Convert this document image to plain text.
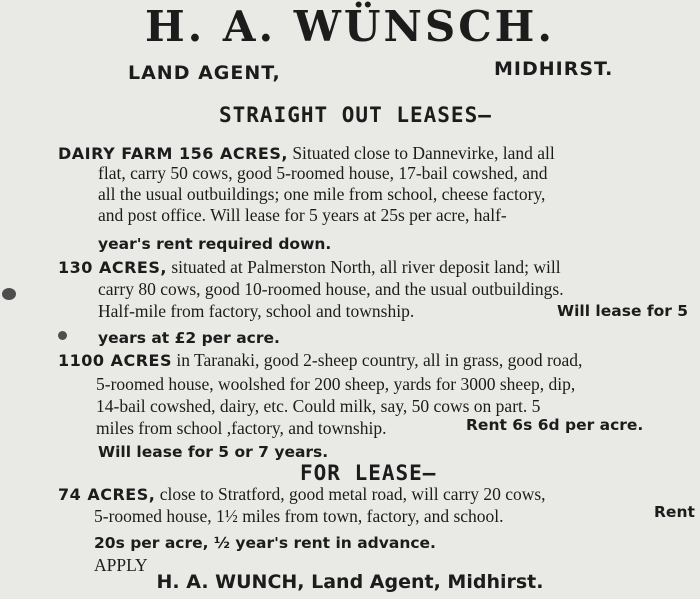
H. A. WÜNSCH.
LAND AGENT,	MIDHIRST.
STRAIGHT OUT LEASES—
DAIRY FARM 156 ACRES, Situated close to Dannevirke, land all
flat, carry 50 cows, good 5-roomed house, 17-bail cowshed, and
all the usual outbuildings; one mile from school, cheese factory,
and post office. Will lease for 5 years at 25s per acre, half-
year's rent required down.
130 ACRES, situated at Palmerston North, all river deposit land; will
carry 80 cows, good 10-roomed house, and the usual outbuildings.
Half-mile from factory, school and township.	Will lease for 5
years at £2 per acre.
1100 ACRES in Taranaki, good 2-sheep country, all in grass, good road,
5-roomed house, woolshed for 200 sheep, yards for 3000 sheep, dip,
14-bail cowshed, dairy, etc. Could milk, say, 50 cows on part. 5
miles from school ,factory, and township.	Rent 6s 6d per acre.
Will lease for 5 or 7 years.
FOR LEASE—
74 ACRES, close to Stratford, good metal road, will carry 20 cows,
5-roomed house, 1½ miles from town, factory, and school.	Rent
20s per acre, ½ year's rent in advance.
APPLY
H. A. WUNCH, Land Agent, Midhirst.
